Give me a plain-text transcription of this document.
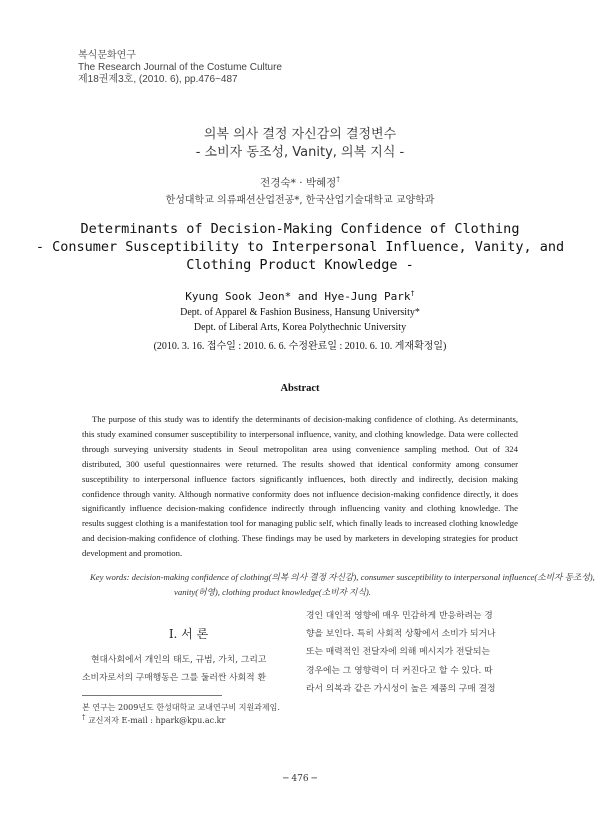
복식문화연구
The Research Journal of the Costume Culture
제18권제3호, (2010. 6), pp.476~487
의복 의사 결정 자신감의 결정변수
- 소비자 동조성, Vanity, 의복 지식 -
전경숙* · 박혜정†
한성대학교 의류패션산업전공*, 한국산업기술대학교 교양학과
Determinants of Decision-Making Confidence of Clothing
- Consumer Susceptibility to Interpersonal Influence, Vanity, and
Clothing Product Knowledge -
Kyung Sook Jeon* and Hye-Jung Park†
Dept. of Apparel & Fashion Business, Hansung University*
Dept. of Liberal Arts, Korea Polythechnic University
(2010. 3. 16. 접수일 : 2010. 6. 6. 수정완료일 : 2010. 6. 10. 게재확정일)
Abstract
The purpose of this study was to identify the determinants of decision-making confidence of clothing. As determinants, this study examined consumer susceptibility to interpersonal influence, vanity, and clothing knowledge. Data were collected through surveying university students in Seoul metropolitan area using convenience sampling method. Out of 324 distributed, 300 useful questionnaires were returned. The results showed that identical conformity among consumer susceptibility to interpersonal influence factors significantly influences, both directly and indirectly, decision making confidence through vanity. Although normative conformity does not influence decision-making confidence directly, it does significantly influence decision-making confidence indirectly through influencing vanity and clothing knowledge. The results suggest clothing is a manifestation tool for managing public self, which finally leads to increased clothing knowledge and decision-making confidence of clothing. These findings may be used by marketers in developing strategies for product development and promotion.
Key words: decision-making confidence of clothing(의복 의사 결정 자신감), consumer susceptibility to interpersonal influence(소비자 동조성), vanity(허영), clothing product knowledge(소비자 지식).
Ⅰ. 서 론
현대사회에서 개인의 태도, 규범, 가치, 그리고
소비자로서의 구매행동은 그를 둘러싼 사회적 환
경인 대인적 영향에 매우 민감하게 반응하려는 경
향을 보인다. 특히 사회적 상황에서 소비가 되거나
또는 매력적인 전달자에 의해 메시지가 전달되는
경우에는 그 영향력이 더 커진다고 할 수 있다. 따
라서 의복과 같은 가시성이 높은 제품의 구매 결정
본 연구는 2009년도 한성대학교 교내연구비 지원과제임.
† 교신저자 E-mail : hpark@kpu.ac.kr
─ 476 ─
